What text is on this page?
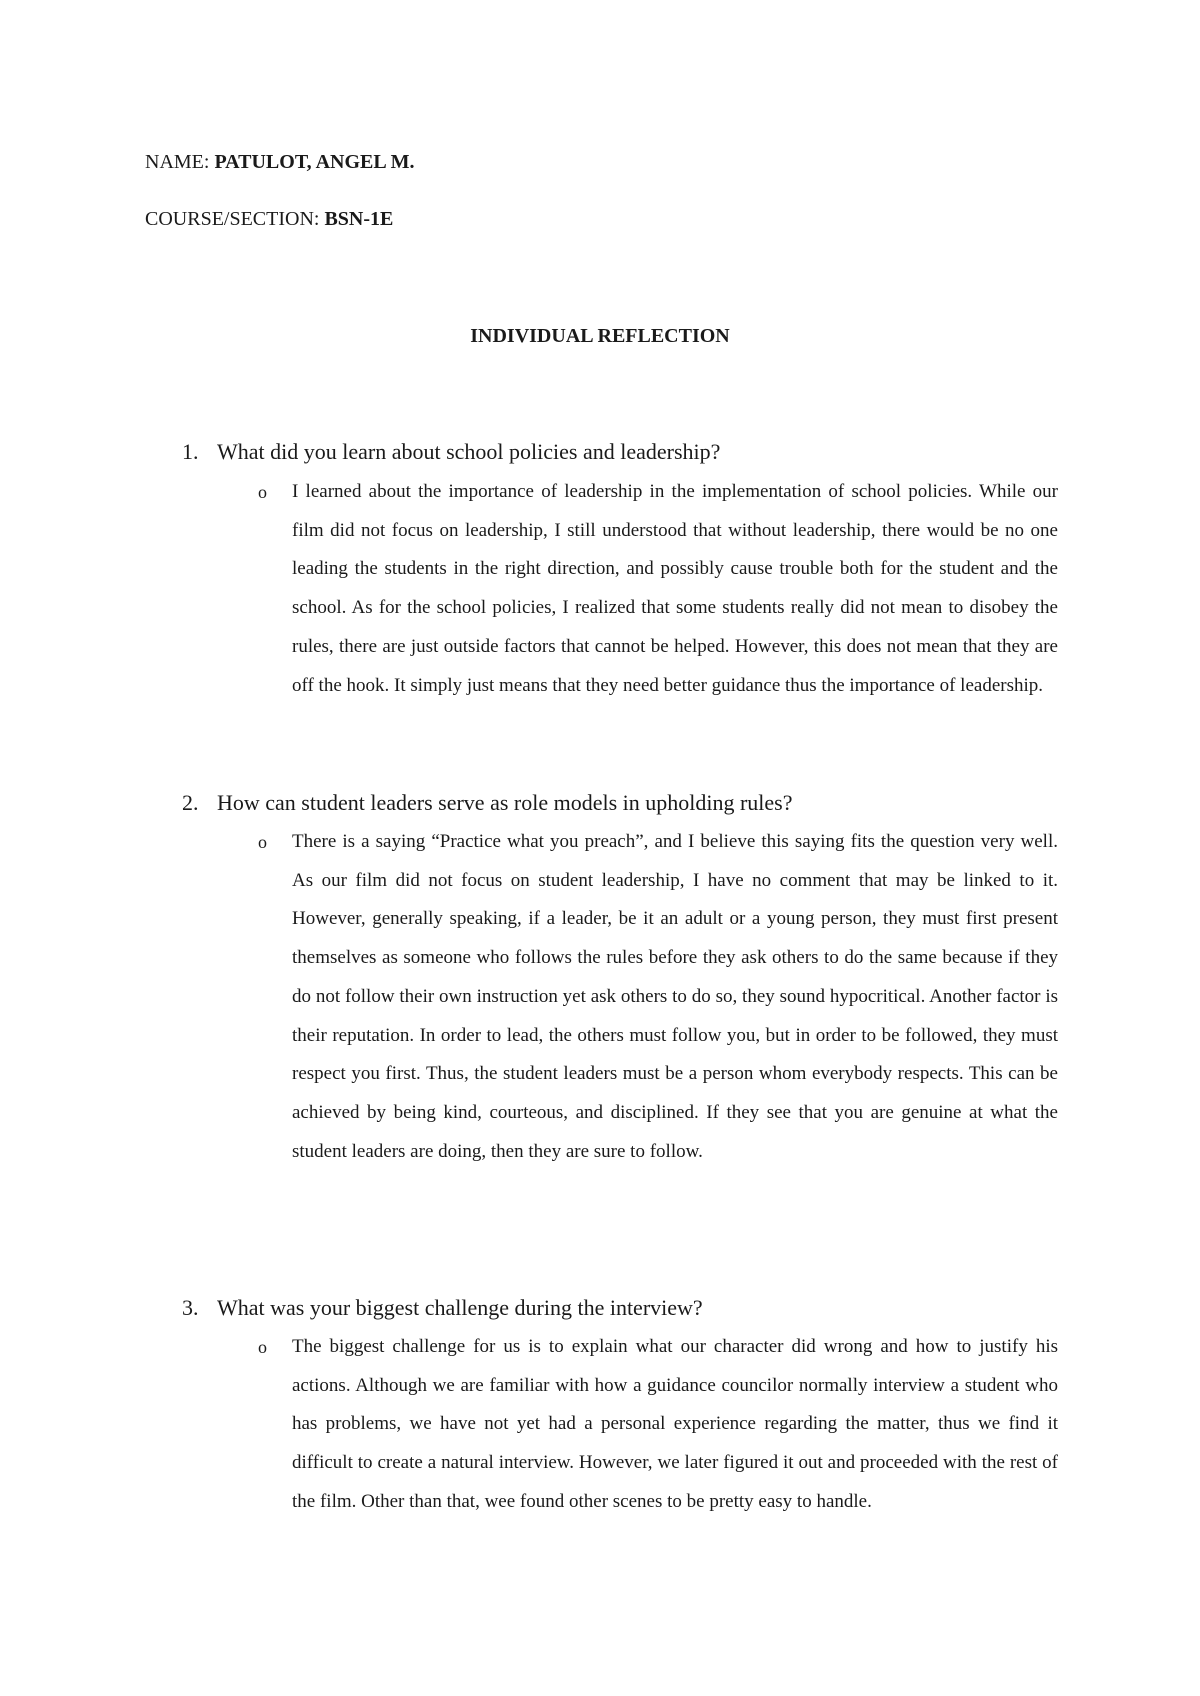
NAME: PATULOT, ANGEL M.
COURSE/SECTION: BSN-1E
INDIVIDUAL REFLECTION
1. What did you learn about school policies and leadership?
o I learned about the importance of leadership in the implementation of school policies. While our film did not focus on leadership, I still understood that without leadership, there would be no one leading the students in the right direction, and possibly cause trouble both for the student and the school. As for the school policies, I realized that some students really did not mean to disobey the rules, there are just outside factors that cannot be helped. However, this does not mean that they are off the hook. It simply just means that they need better guidance thus the importance of leadership.
2. How can student leaders serve as role models in upholding rules?
o There is a saying “Practice what you preach”, and I believe this saying fits the question very well. As our film did not focus on student leadership, I have no comment that may be linked to it. However, generally speaking, if a leader, be it an adult or a young person, they must first present themselves as someone who follows the rules before they ask others to do the same because if they do not follow their own instruction yet ask others to do so, they sound hypocritical. Another factor is their reputation. In order to lead, the others must follow you, but in order to be followed, they must respect you first. Thus, the student leaders must be a person whom everybody respects. This can be achieved by being kind, courteous, and disciplined. If they see that you are genuine at what the student leaders are doing, then they are sure to follow.
3. What was your biggest challenge during the interview?
o The biggest challenge for us is to explain what our character did wrong and how to justify his actions. Although we are familiar with how a guidance councilor normally interview a student who has problems, we have not yet had a personal experience regarding the matter, thus we find it difficult to create a natural interview. However, we later figured it out and proceeded with the rest of the film. Other than that, wee found other scenes to be pretty easy to handle.
